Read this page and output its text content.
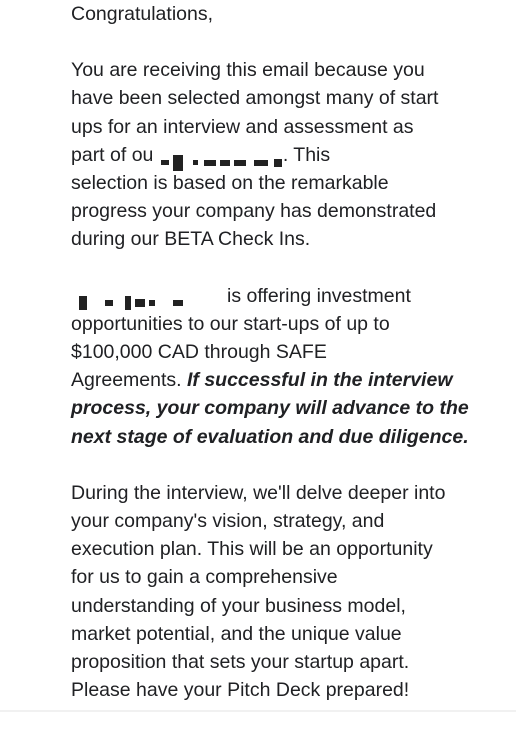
Congratulations,
You are receiving this email because you
have been selected amongst many of start
ups for an interview and assessment as
part of ou	. This
selection is based on the remarkable
progress your company has demonstrated
during our BETA Check Ins.
is offering investment
opportunities to our start-ups of up to
$100,000 CAD through SAFE
Agreements. If successful in the interview
process, your company will advance to the
next stage of evaluation and due diligence.
During the interview, we'll delve deeper into
your company's vision, strategy, and
execution plan. This will be an opportunity
for us to gain a comprehensive
understanding of your business model,
market potential, and the unique value
proposition that sets your startup apart.
Please have your Pitch Deck prepared!
